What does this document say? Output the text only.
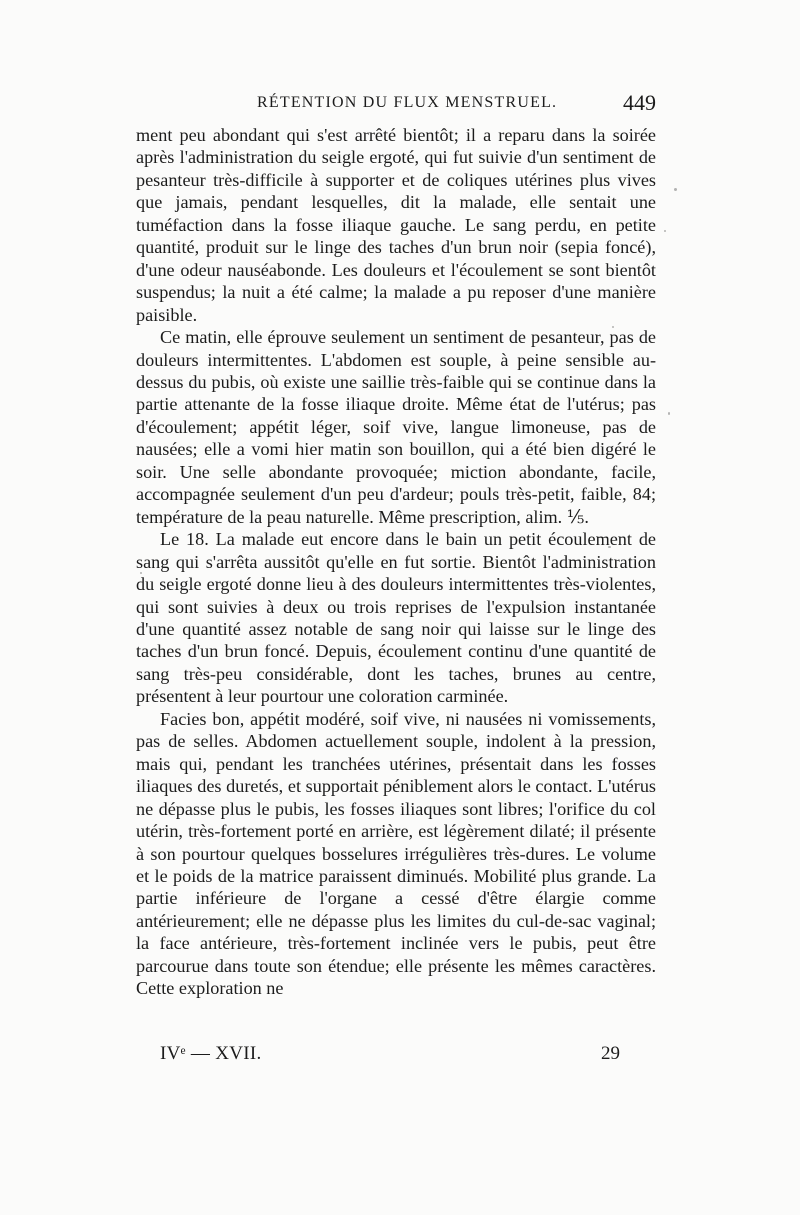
RÉTENTION DU FLUX MENSTRUEL.	449

ment peu abondant qui s'est arrêté bientôt; il a reparu dans la soirée après l'administration du seigle ergoté, qui fut suivie d'un sentiment de pesanteur très-difficile à supporter et de coliques utérines plus vives que jamais, pendant lesquelles, dit la malade, elle sentait une tuméfaction dans la fosse iliaque gauche. Le sang perdu, en petite quantité, produit sur le linge des taches d'un brun noir (sepia foncé), d'une odeur nauséabonde. Les douleurs et l'écoulement se sont bientôt suspendus; la nuit a été calme; la malade a pu reposer d'une manière paisible.

Ce matin, elle éprouve seulement un sentiment de pesanteur, pas de douleurs intermittentes. L'abdomen est souple, à peine sensible au-dessus du pubis, où existe une saillie très-faible qui se continue dans la partie attenante de la fosse iliaque droite. Même état de l'utérus; pas d'écoulement; appétit léger, soif vive, langue limoneuse, pas de nausées; elle a vomi hier matin son bouillon, qui a été bien digéré le soir. Une selle abondante provoquée; miction abondante, facile, accompagnée seulement d'un peu d'ardeur; pouls très-petit, faible, 84; température de la peau naturelle. Même prescription, alim. ⅕.

Le 18. La malade eut encore dans le bain un petit écoulement de sang qui s'arrêta aussitôt qu'elle en fut sortie. Bientôt l'administration du seigle ergoté donne lieu à des douleurs intermittentes très-violentes, qui sont suivies à deux ou trois reprises de l'expulsion instantanée d'une quantité assez notable de sang noir qui laisse sur le linge des taches d'un brun foncé. Depuis, écoulement continu d'une quantité de sang très-peu considérable, dont les taches, brunes au centre, présentent à leur pourtour une coloration carminée.

Facies bon, appétit modéré, soif vive, ni nausées ni vomissements, pas de selles. Abdomen actuellement souple, indolent à la pression, mais qui, pendant les tranchées utérines, présentait dans les fosses iliaques des duretés, et supportait péniblement alors le contact. L'utérus ne dépasse plus le pubis, les fosses iliaques sont libres; l'orifice du col utérin, très-fortement porté en arrière, est légèrement dilaté; il présente à son pourtour quelques bosselures irrégulières très-dures. Le volume et le poids de la matrice paraissent diminués. Mobilité plus grande. La partie inférieure de l'organe a cessé d'être élargie comme antérieurement; elle ne dépasse plus les limites du cul-de-sac vaginal; la face antérieure, très-fortement inclinée vers le pubis, peut être parcourue dans toute son étendue; elle présente les mêmes caractères. Cette exploration ne

IVᵉ — XVII.	29
